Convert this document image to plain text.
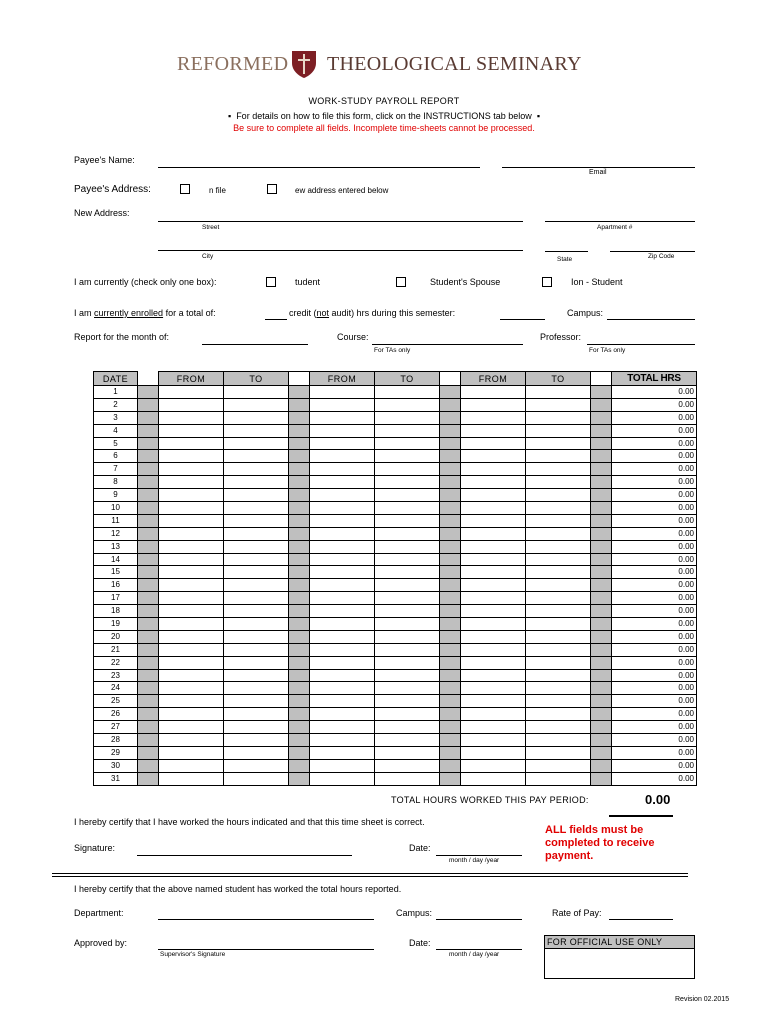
REFORMED THEOLOGICAL SEMINARY
WORK-STUDY PAYROLL REPORT
▪ For details on how to file this form, click on the INSTRUCTIONS tab below ▪
Be sure to complete all fields. Incomplete time-sheets cannot be processed.
Payee's Name:
Email
Payee's Address:	n file	ew address entered below
New Address:
Street	Apartment #
City	State	Zip Code
I am currently (check only one box):	tudent	Student's Spouse	Ion - Student
I am currently enrolled for a total of:	credit (not audit) hrs during this semester:	Campus:
Report for the month of:	Course:
For TAs only
Professor:
For TAs only
DATE		FROM	TO		FROM	TO		FROM	TO		TOTAL HRS
1											0.00
2											0.00
3											0.00
4											0.00
5											0.00
6											0.00
7											0.00
8											0.00
9											0.00
10											0.00
11											0.00
12											0.00
13											0.00
14											0.00
15											0.00
16											0.00
17											0.00
18											0.00
19											0.00
20											0.00
21											0.00
22											0.00
23											0.00
24											0.00
25											0.00
26											0.00
27											0.00
28											0.00
29											0.00
30											0.00
31											0.00
TOTAL HOURS WORKED THIS PAY PERIOD:	0.00
I hereby certify that I have worked the hours indicated and that this time sheet is correct.
ALL fields must be completed to receive payment.
Signature:	Date:
month / day /year
I hereby certify that the above named student has worked the total hours reported.
Department:	Campus:	Rate of Pay:
Approved by:
Supervisor's Signature
Date:
month / day /year
FOR OFFICIAL USE ONLY
Revision 02.2015
